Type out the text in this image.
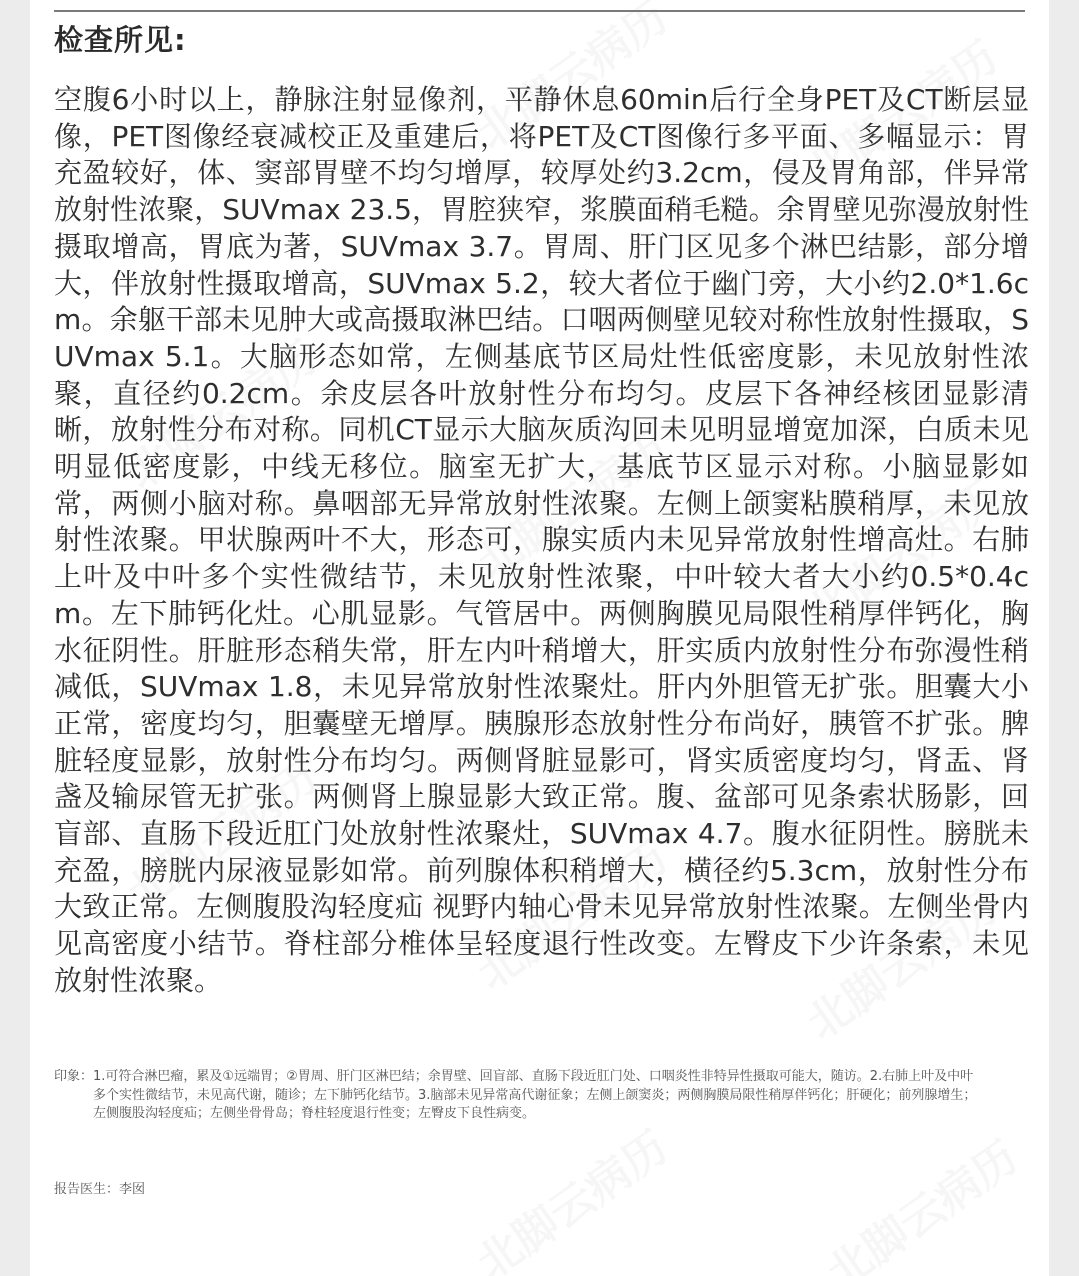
检查所见:

空腹6小时以上，静脉注射显像剂，平静休息60min后行全身PET及CT断层显像，PET图像经衰减校正及重建后，将PET及CT图像行多平面、多幅显示：胃充盈较好，体、窦部胃壁不均匀增厚，较厚处约3.2cm，侵及胃角部，伴异常放射性浓聚，SUVmax 23.5，胃腔狭窄，浆膜面稍毛糙。余胃壁见弥漫放射性摄取增高，胃底为著，SUVmax 3.7。胃周、肝门区见多个淋巴结影，部分增大，伴放射性摄取增高，SUVmax 5.2，较大者位于幽门旁，大小约2.0*1.6cm。余躯干部未见肿大或高摄取淋巴结。口咽两侧壁见较对称性放射性摄取，SUVmax 5.1。大脑形态如常，左侧基底节区局灶性低密度影，未见放射性浓聚，直径约0.2cm。余皮层各叶放射性分布均匀。皮层下各神经核团显影清晰，放射性分布对称。同机CT显示大脑灰质沟回未见明显增宽加深，白质未见明显低密度影，中线无移位。脑室无扩大，基底节区显示对称。小脑显影如常，两侧小脑对称。鼻咽部无异常放射性浓聚。左侧上颌窦粘膜稍厚，未见放射性浓聚。甲状腺两叶不大，形态可，腺实质内未见异常放射性增高灶。右肺上叶及中叶多个实性微结节，未见放射性浓聚，中叶较大者大小约0.5*0.4cm。左下肺钙化灶。心肌显影。气管居中。两侧胸膜见局限性稍厚伴钙化，胸水征阴性。肝脏形态稍失常，肝左内叶稍增大，肝实质内放射性分布弥漫性稍减低，SUVmax 1.8，未见异常放射性浓聚灶。肝内外胆管无扩张。胆囊大小正常，密度均匀，胆囊壁无增厚。胰腺形态放射性分布尚好，胰管不扩张。脾脏轻度显影，放射性分布均匀。两侧肾脏显影可，肾实质密度均匀，肾盂、肾盏及输尿管无扩张。两侧肾上腺显影大致正常。腹、盆部可见条索状肠影，回盲部、直肠下段近肛门处放射性浓聚灶，SUVmax 4.7。腹水征阴性。膀胱未充盈，膀胱内尿液显影如常。前列腺体积稍增大，横径约5.3cm，放射性分布大致正常。左侧腹股沟轻度疝 视野内轴心骨未见异常放射性浓聚。左侧坐骨内见高密度小结节。脊柱部分椎体呈轻度退行性改变。左臀皮下少许条索，未见放射性浓聚。

印象： 1.可符合淋巴瘤，累及①远端胃；②胃周、肝门区淋巴结；余胃壁、回盲部、直肠下段近肛门处、口咽炎性非特异性摄取可能大，随访。2.右肺上叶及中叶多个实性微结节，未见高代谢，随诊；左下肺钙化结节。3.脑部未见异常高代谢征象；左侧上颌窦炎；两侧胸膜局限性稍厚伴钙化；肝硬化；前列腺增生；左侧腹股沟轻度疝；左侧坐骨骨岛；脊柱轻度退行性变；左臀皮下良性病变。

报告医生：李囡
